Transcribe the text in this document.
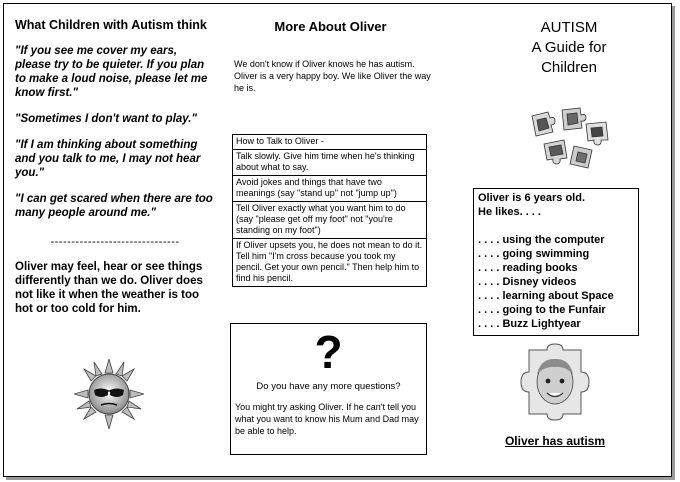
What Children with Autism think
"If you see me cover my ears, please try to be quieter. If you plan to make a loud noise, please let me know first."
"Sometimes I don't want to play."
"If I am thinking about something and you talk to me, I may not hear you."
"I can get scared when there are too many people around me."
-------------------------------
Oliver may feel, hear or see things differently than we do. Oliver does not like it when the weather is too hot or too cold for him.
More About Oliver
We don't know if Oliver knows he has autism. Oliver is a very happy boy. We like Oliver the way he is.
How to Talk to Oliver -
Talk slowly. Give him time when he's thinking about what to say.
Avoid jokes and things that have two meanings (say "stand up" not "jump up")
Tell Oliver exactly what you want him to do (say "please get off my foot" not "you're standing on my foot")
If Oliver upsets you, he does not mean to do it. Tell him "I'm cross because you took my pencil. Get your own pencil." Then help him to find his pencil.
?
Do you have any more questions?
You might try asking Oliver. If he can't tell you what you want to know his Mum and Dad may be able to help.
AUTISM
A Guide for
Children
Oliver is 6 years old.
He likes. . . .
. . . . using the computer
. . . . going swimming
. . . . reading books
. . . . Disney videos
. . . . learning about Space
. . . . going to the Funfair
. . . . Buzz Lightyear
Oliver has autism
